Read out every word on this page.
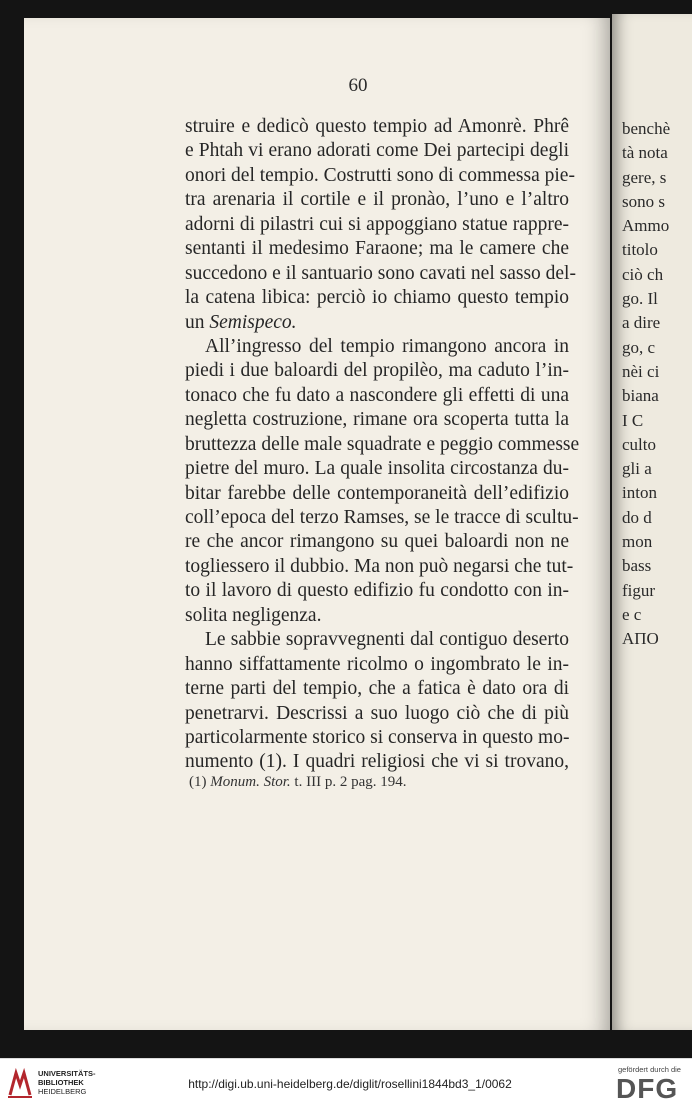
60
struire e dedicò questo tempio ad Amonrè. Phrê
e Phtah vi erano adorati come Dei partecipi degli
onori del tempio. Costrutti sono di commessa pie-
tra arenaria il cortile e il pronào, l’uno e l’altro
adorni di pilastri cui si appoggiano statue rappre-
sentanti il medesimo Faraone; ma le camere che
succedono e il santuario sono cavati nel sasso del-
la catena libica: perciò io chiamo questo tempio
un Semispeco.
All’ingresso del tempio rimangono ancora in
piedi i due baloardi del propilèo, ma caduto l’in-
tonaco che fu dato a nascondere gli effetti di una
negletta costruzione, rimane ora scoperta tutta la
bruttezza delle male squadrate e peggio commesse
pietre del muro. La quale insolita circostanza du-
bitar farebbe delle contemporaneità dell’edifizio
coll’epoca del terzo Ramses, se le tracce di scultu-
re che ancor rimangono su quei baloardi non ne
togliessero il dubbio. Ma non può negarsi che tut-
to il lavoro di questo edifizio fu condotto con in-
solita negligenza.
Le sabbie sopravvegnenti dal contiguo deserto
hanno siffattamente ricolmo o ingombrato le in-
terne parti del tempio, che a fatica è dato ora di
penetrarvi. Descrissi a suo luogo ciò che di più
particolarmente storico si conserva in questo mo-
numento (1). I quadri religiosi che vi si trovano,
(1) Monum. Stor. t. III p. 2 pag. 194.
benchè
tà nota
gere, s
sono s
Ammo
titolo
ciò ch
go. Il
a dire
go, c
nèi ci
biana
I C
culto
gli a
inton
do d
mon
bass
figur
e c
ΑΠΟ
UNIVERSITÄTS-
BIBLIOTHEK
HEIDELBERG
http://digi.ub.uni-heidelberg.de/diglit/rosellini1844bd3_1/0062
gefördert durch die
DFG
